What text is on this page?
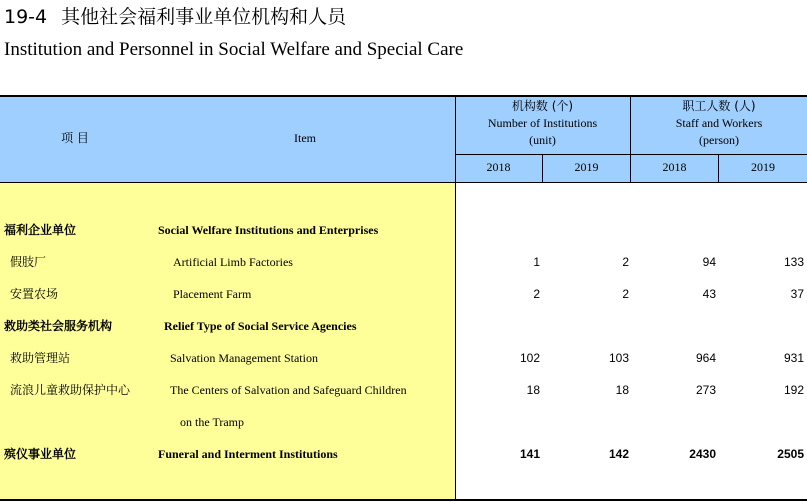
19-4 其他社会福利事业单位机构和人员
Institution and Personnel in Social Welfare and Special Care
项 目	Item
机构数 (个)
Number of Institutions
(unit)
职工人数 (人)
Staff and Workers
(person)
2018	2019	2018	2019
福利企业单位	Social Welfare Institutions and Enterprises
假肢厂	Artificial Limb Factories	1	2	94	133
安置农场	Placement Farm	2	2	43	37
救助类社会服务机构	Relief Type of Social Service Agencies
救助管理站	Salvation Management Station	102	103	964	931
流浪儿童救助保护中心	The Centers of Salvation and Safeguard Children	18	18	273	192
on the Tramp
殡仪事业单位	Funeral and Interment Institutions	141	142	2430	2505
